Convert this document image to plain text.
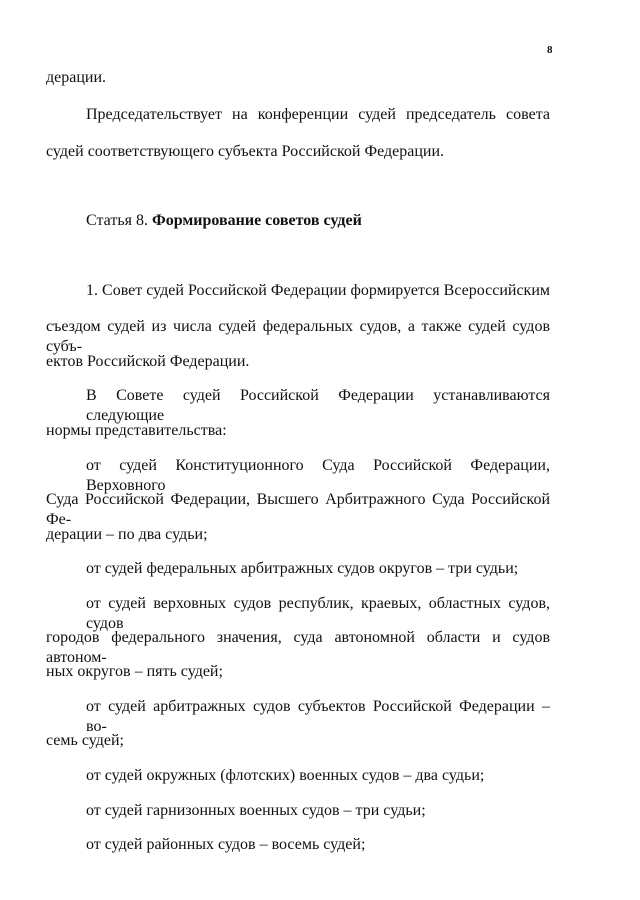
8
дерации.
Председательствует на конференции судей председатель совета
судей соответствующего субъекта Российской Федерации.
Статья 8. Формирование советов судей
1. Совет судей Российской Федерации формируется Всероссийским
съездом судей из числа судей федеральных судов, а также судей судов субъ-
ектов Российской Федерации.
В Совете судей Российской Федерации устанавливаются следующие
нормы представительства:
от судей Конституционного Суда Российской Федерации, Верховного
Суда Российской Федерации, Высшего Арбитражного Суда Российской Фе-
дерации – по два судьи;
от судей федеральных арбитражных судов округов – три судьи;
от судей верховных судов республик, краевых, областных судов, судов
городов федерального значения, суда автономной области и судов автоном-
ных округов – пять судей;
от судей арбитражных судов субъектов Российской Федерации – во-
семь судей;
от судей окружных (флотских) военных судов – два судьи;
от судей гарнизонных военных судов – три судьи;
от судей районных судов – восемь судей;
